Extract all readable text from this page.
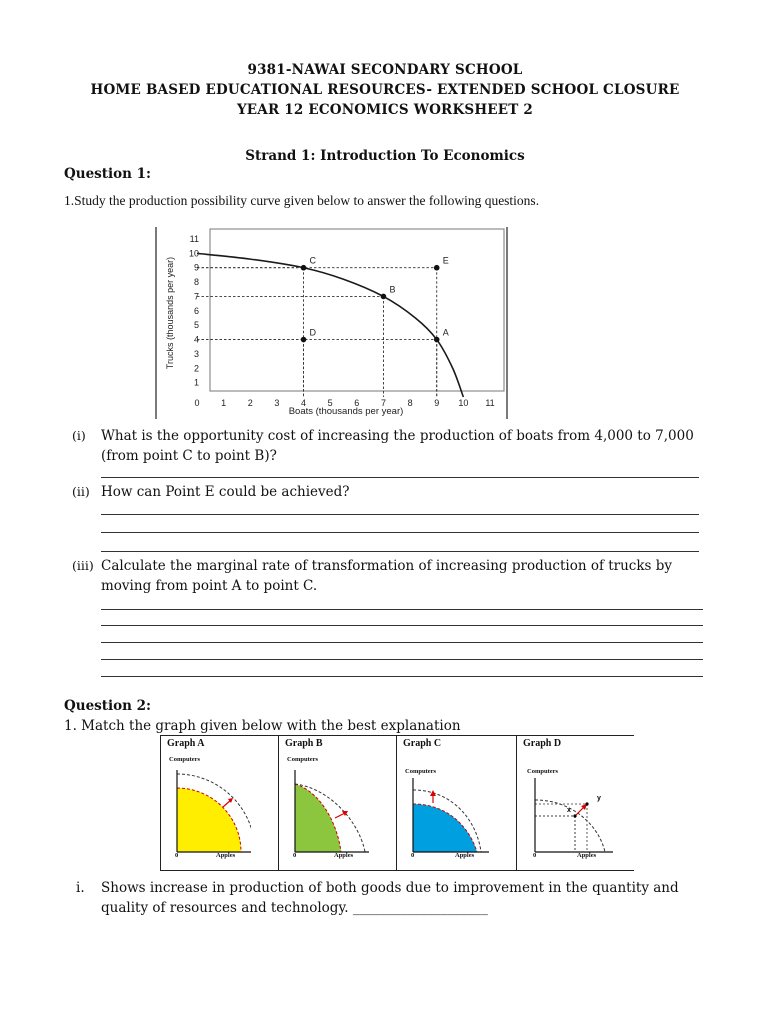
9381-NAWAI SECONDARY SCHOOL
HOME BASED EDUCATIONAL RESOURCES- EXTENDED SCHOOL CLOSURE
YEAR 12 ECONOMICS WORKSHEET 2
Strand 1: Introduction To Economics
Question 1:
1.Study the production possibility curve given below to answer the following questions.
C
B
A
D
E
0 1 2 3 4 5 6 7 8 9 10 11
1
2
3
4
5
6
7
8
9
10
11
Boats (thousands per year)
Trucks (thousands per year)
(i) What is the opportunity cost of increasing the production of boats from 4,000 to 7,000 (from point C to point B)?
(ii) How can Point E could be achieved?
(iii) Calculate the marginal rate of transformation of increasing production of trucks by moving from point A to point C.
Question 2:
1. Match the graph given below with the best explanation
Graph A
Computers
0	Apples
Graph B
Computers
0	Apples
Graph C
Computers
0	Apples
Graph D
Computers
x
y
0	Apples
i. Shows increase in production of both goods due to improvement in the quantity and quality of resources and technology. ____________________
